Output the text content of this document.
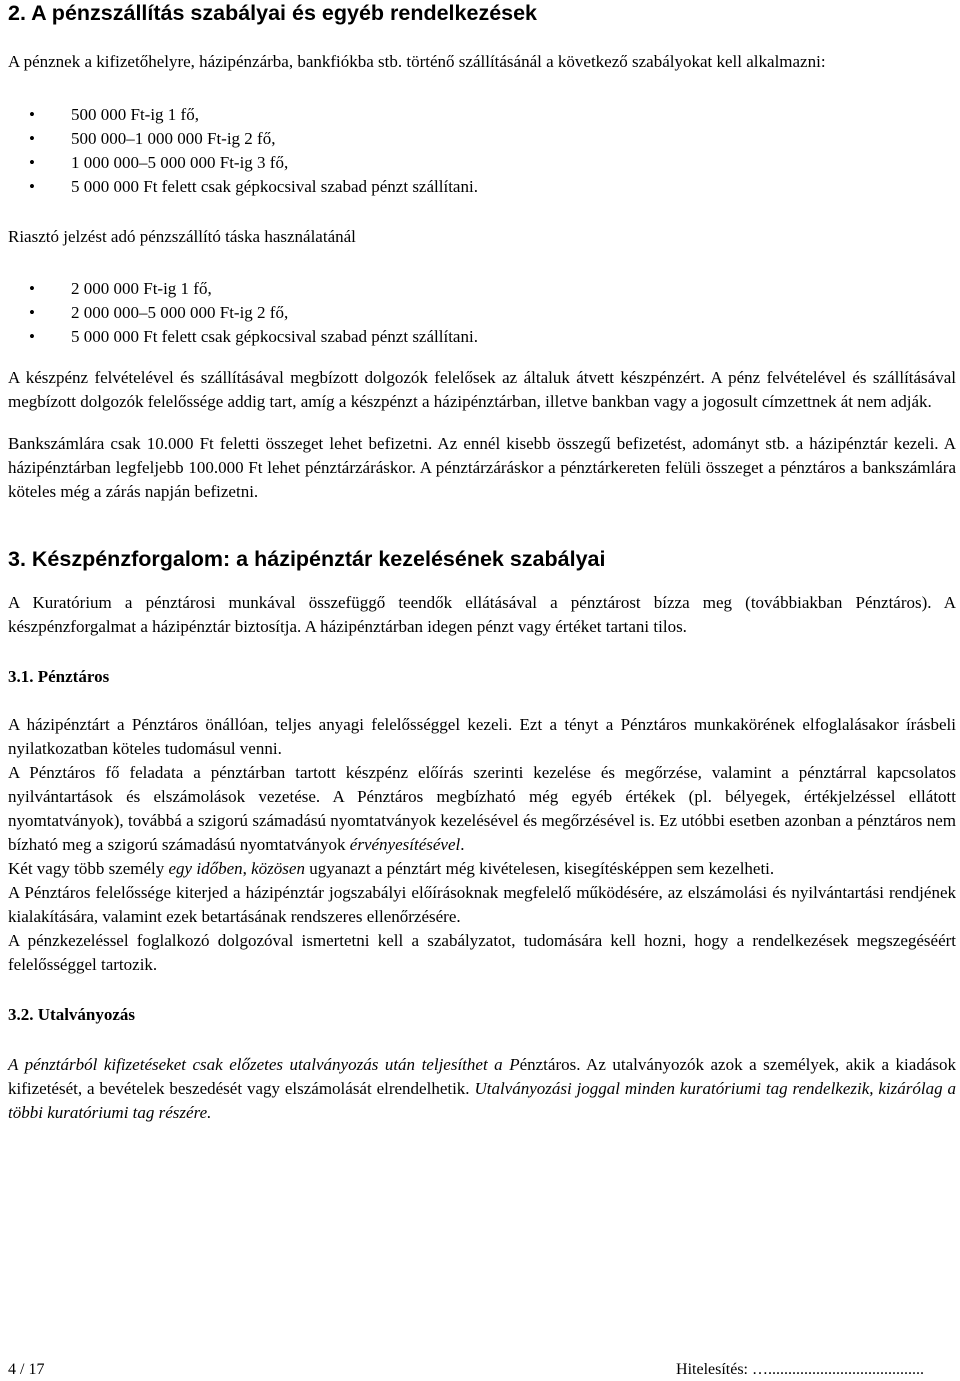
2. A pénzszállítás szabályai és egyéb rendelkezések

A pénznek a kifizetőhelyre, házipénzárba, bankfiókba stb. történő szállításánál a következő szabályokat kell alkalmazni:

• 500 000 Ft-ig 1 fő,
• 500 000–1 000 000 Ft-ig 2 fő,
• 1 000 000–5 000 000 Ft-ig 3 fő,
• 5 000 000 Ft felett csak gépkocsival szabad pénzt szállítani.

Riasztó jelzést adó pénzszállító táska használatánál

• 2 000 000 Ft-ig 1 fő,
• 2 000 000–5 000 000 Ft-ig 2 fő,
• 5 000 000 Ft felett csak gépkocsival szabad pénzt szállítani.

A készpénz felvételével és szállításával megbízott dolgozók felelősek az általuk átvett készpénzért. A pénz felvételével és szállításával megbízott dolgozók felelőssége addig tart, amíg a készpénzt a házipénztárban, illetve bankban vagy a jogosult címzettnek át nem adják.

Bankszámlára csak 10.000 Ft feletti összeget lehet befizetni. Az ennél kisebb összegű befizetést, adományt stb. a házipénztár kezeli. A házipénztárban legfeljebb 100.000 Ft lehet pénztárzáráskor. A pénztárzáráskor a pénztárkereten felüli összeget a pénztáros a bankszámlára köteles még a zárás napján befizetni.

3. Készpénzforgalom: a házipénztár kezelésének szabályai

A Kuratórium a pénztárosi munkával összefüggő teendők ellátásával a pénztárost bízza meg (továbbiakban Pénztáros). A készpénzforgalmat a házipénztár biztosítja. A házipénztárban idegen pénzt vagy értéket tartani tilos.

3.1. Pénztáros

A házipénztárt a Pénztáros önállóan, teljes anyagi felelősséggel kezeli. Ezt a tényt a Pénztáros munkakörének elfoglalásakor írásbeli nyilatkozatban köteles tudomásul venni.

A Pénztáros fő feladata a pénztárban tartott készpénz előírás szerinti kezelése és megőrzése, valamint a pénztárral kapcsolatos nyilvántartások és elszámolások vezetése. A Pénztáros megbízható még egyéb értékek (pl. bélyegek, értékjelzéssel ellátott nyomtatványok), továbbá a szigorú számadású nyomtatványok kezelésével és megőrzésével is. Ez utóbbi esetben azonban a pénztáros nem bízható meg a szigorú számadású nyomtatványok érvényesítésével.

Két vagy több személy egy időben, közösen ugyanazt a pénztárt még kivételesen, kisegítésképpen sem kezelheti.

A Pénztáros felelőssége kiterjed a házipénztár jogszabályi előírásoknak megfelelő működésére, az elszámolási és nyilvántartási rendjének kialakítására, valamint ezek betartásának rendszeres ellenőrzésére.

A pénzkezeléssel foglalkozó dolgozóval ismertetni kell a szabályzatot, tudomására kell hozni, hogy a rendelkezések megszegéséért felelősséggel tartozik.

3.2. Utalványozás

A pénztárból kifizetéseket csak előzetes utalványozás után teljesíthet a Pénztáros. Az utalványozók azok a személyek, akik a kiadások kifizetését, a bevételek beszedését vagy elszámolását elrendelhetik. Utalványozási joggal minden kuratóriumi tag rendelkezik, kizárólag a többi kuratóriumi tag részére.

4 / 17	Hitelesítés: ….......................................
